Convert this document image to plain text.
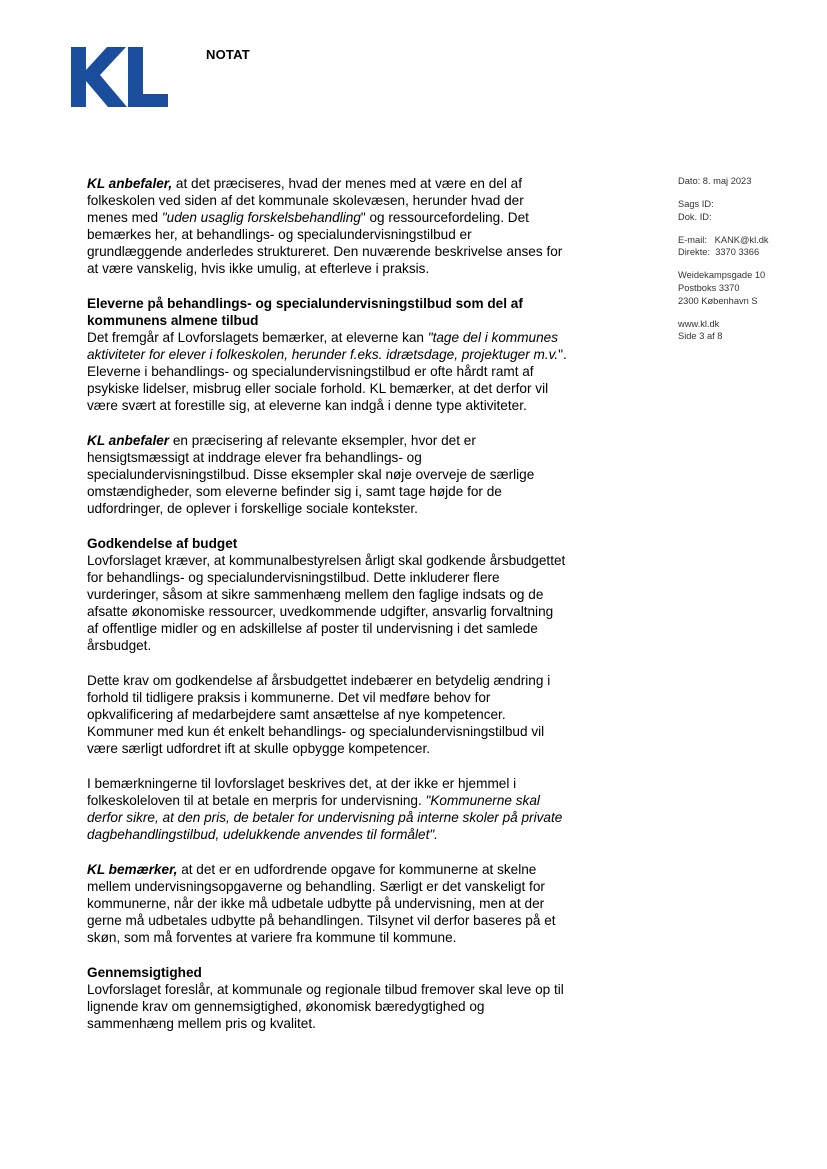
NOTAT
Dato: 8. maj 2023
Sags ID:
Dok. ID:
E-mail:   KANK@kl.dk
Direkte:  3370 3366
Weidekampsgade 10
Postboks 3370
2300 København S
www.kl.dk
Side 3 af 8

KL anbefaler, at det præciseres, hvad der menes med at være en del af folkeskolen ved siden af det kommunale skolevæsen, herunder hvad der menes med "uden usaglig forskelsbehandling" og ressourcefordeling. Det bemærkes her, at behandlings- og specialundervisningstilbud er grundlæggende anderledes struktureret. Den nuværende beskrivelse anses for at være vanskelig, hvis ikke umulig, at efterleve i praksis.

Eleverne på behandlings- og specialundervisningstilbud som del af kommunens almene tilbud

Det fremgår af Lovforslagets bemærker, at eleverne kan "tage del i kommunes aktiviteter for elever i folkeskolen, herunder f.eks. idrætsdage, projektuger m.v.". Eleverne i behandlings- og specialundervisningstilbud er ofte hårdt ramt af psykiske lidelser, misbrug eller sociale forhold. KL bemærker, at det derfor vil være svært at forestille sig, at eleverne kan indgå i denne type aktiviteter.

KL anbefaler en præcisering af relevante eksempler, hvor det er hensigtsmæssigt at inddrage elever fra behandlings- og specialundervisningstilbud. Disse eksempler skal nøje overveje de særlige omstændigheder, som eleverne befinder sig i, samt tage højde for de udfordringer, de oplever i forskellige sociale kontekster.

Godkendelse af budget

Lovforslaget kræver, at kommunalbestyrelsen årligt skal godkende årsbudgettet for behandlings- og specialundervisningstilbud. Dette inkluderer flere vurderinger, såsom at sikre sammenhæng mellem den faglige indsats og de afsatte økonomiske ressourcer, uvedkommende udgifter, ansvarlig forvaltning af offentlige midler og en adskillelse af poster til undervisning i det samlede årsbudget.

Dette krav om godkendelse af årsbudgettet indebærer en betydelig ændring i forhold til tidligere praksis i kommunerne. Det vil medføre behov for opkvalificering af medarbejdere samt ansættelse af nye kompetencer. Kommuner med kun ét enkelt behandlings- og specialundervisningstilbud vil være særligt udfordret ift at skulle opbygge kompetencer.

I bemærkningerne til lovforslaget beskrives det, at der ikke er hjemmel i folkeskoleloven til at betale en merpris for undervisning. "Kommunerne skal derfor sikre, at den pris, de betaler for undervisning på interne skoler på private dagbehandlingstilbud, udelukkende anvendes til formålet".

KL bemærker, at det er en udfordrende opgave for kommunerne at skelne mellem undervisningsopgaverne og behandling. Særligt er det vanskeligt for kommunerne, når der ikke må udbetale udbytte på undervisning, men at der gerne må udbetales udbytte på behandlingen. Tilsynet vil derfor baseres på et skøn, som må forventes at variere fra kommune til kommune.

Gennemsigtighed

Lovforslaget foreslår, at kommunale og regionale tilbud fremover skal leve op til lignende krav om gennemsigtighed, økonomisk bæredygtighed og sammenhæng mellem pris og kvalitet.
